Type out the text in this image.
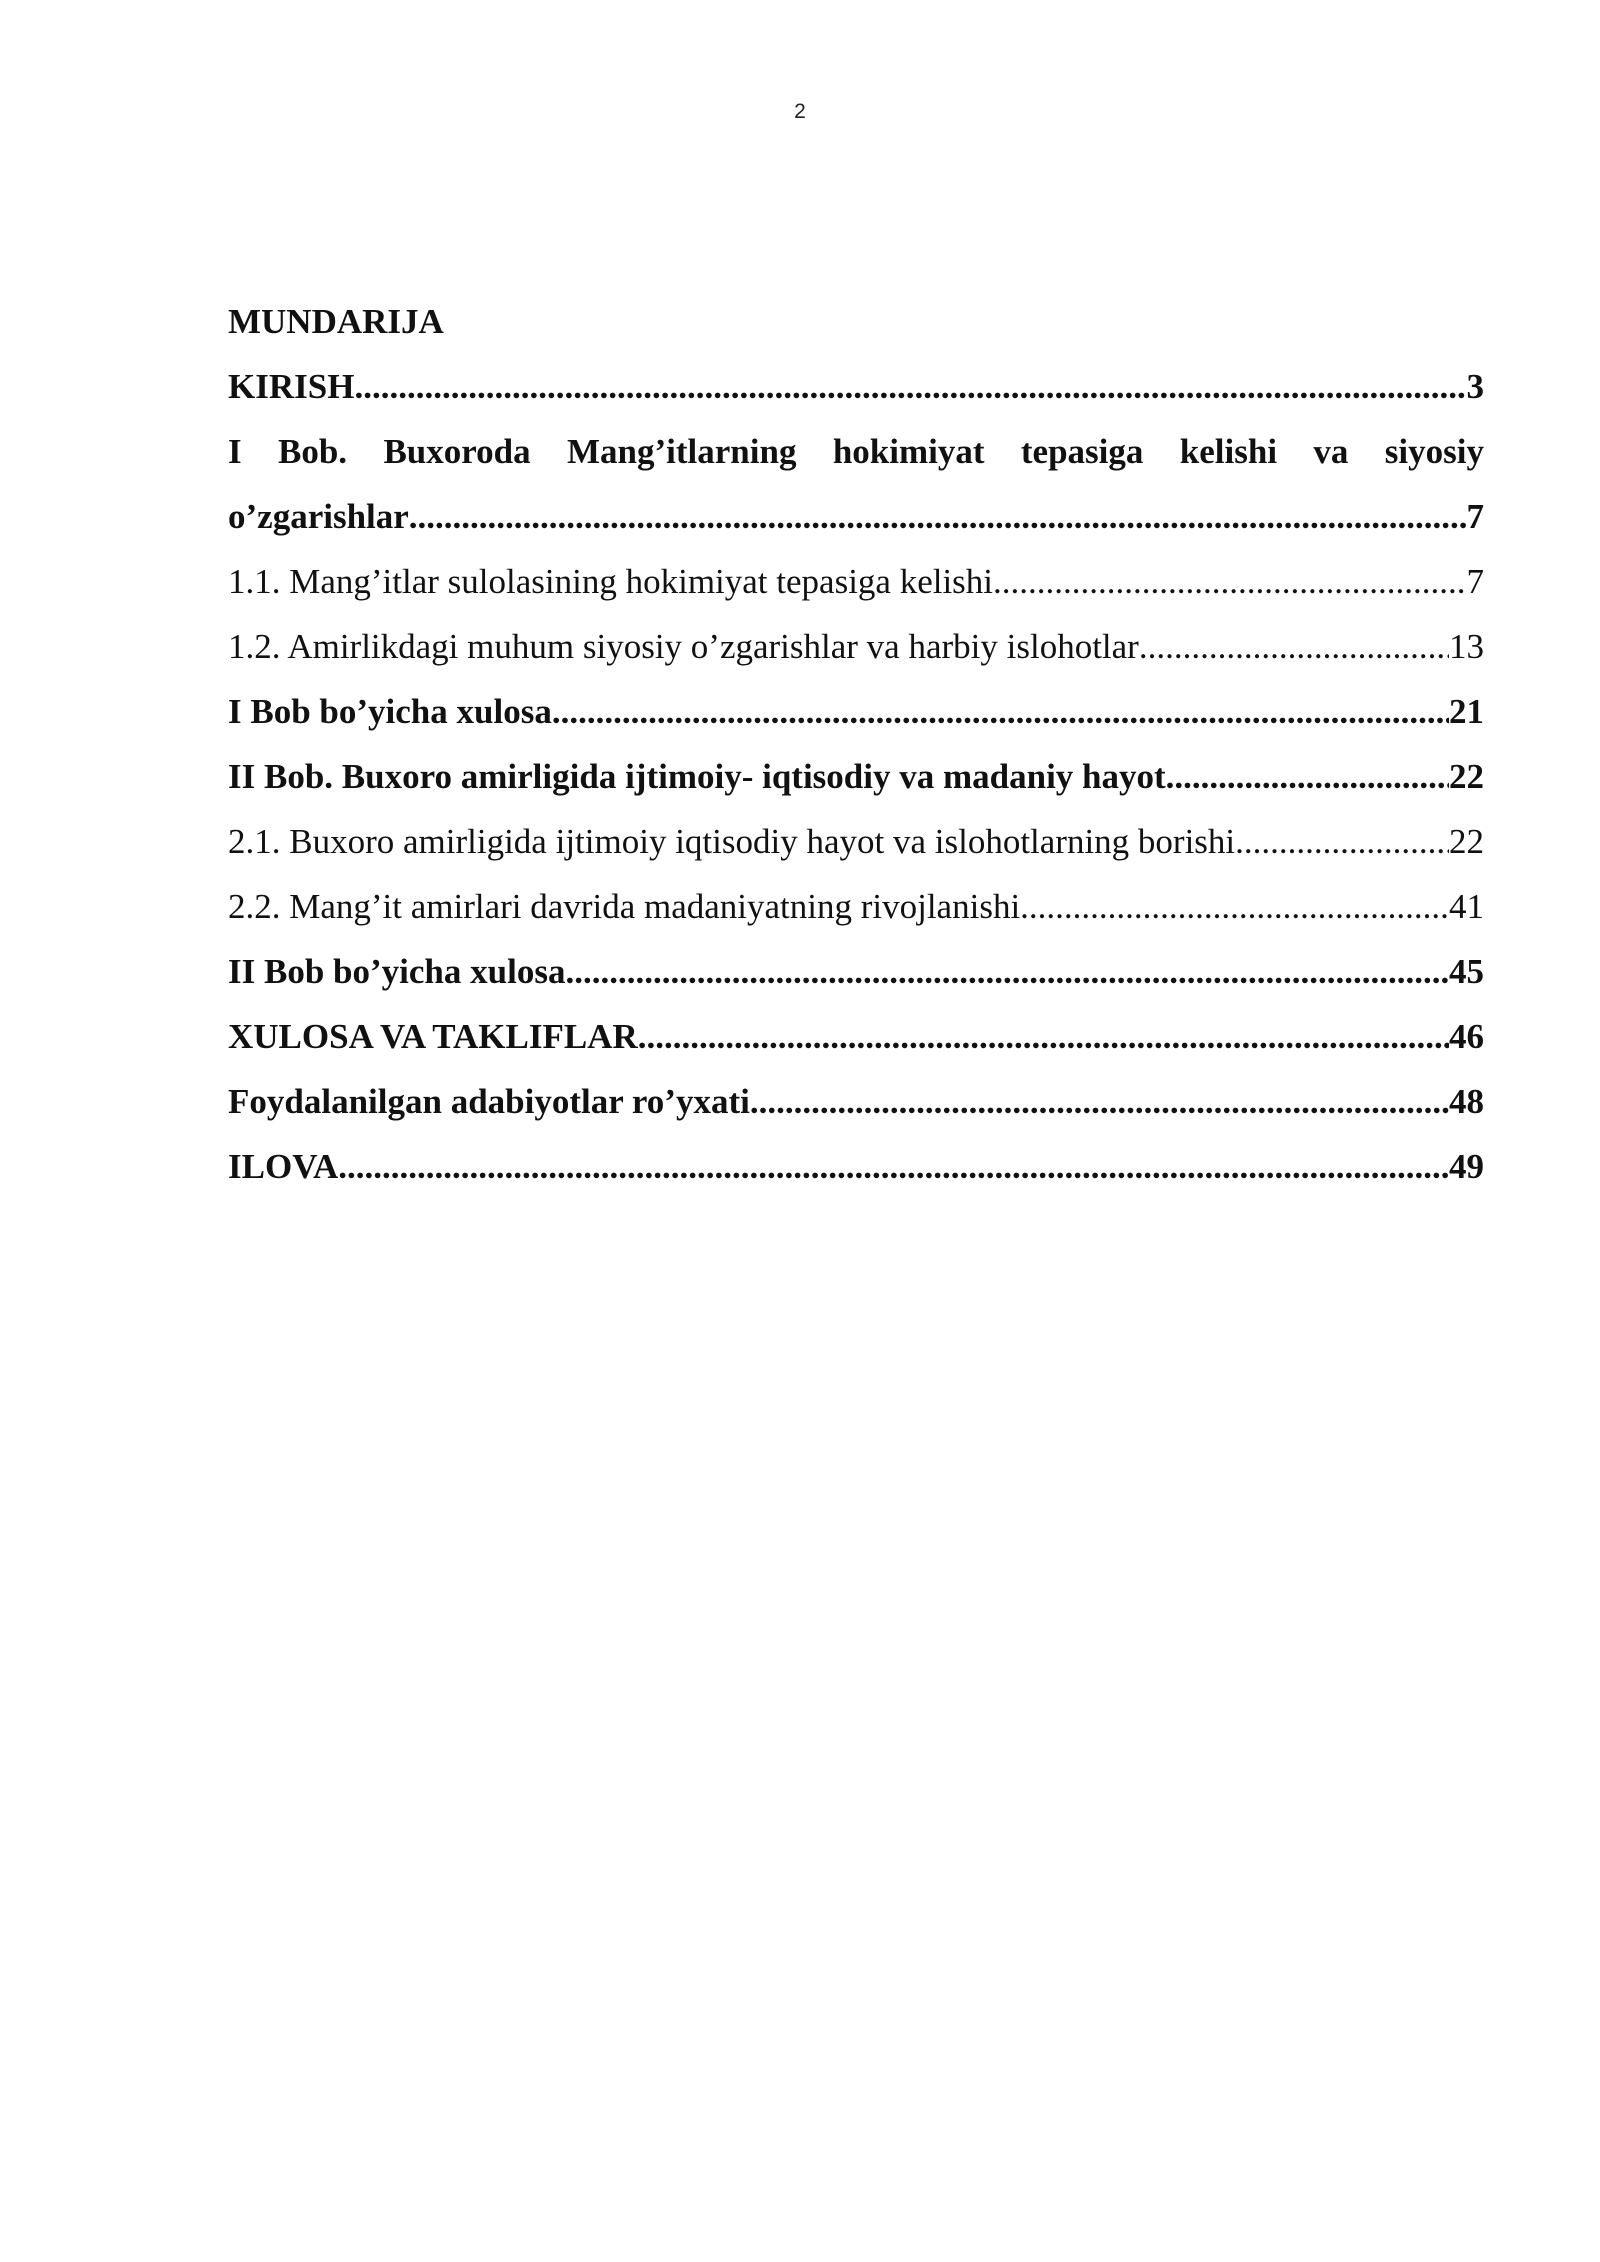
2
MUNDARIJA
KIRISH .....	3
I Bob. Buxoroda Mang’itlarning hokimiyat tepasiga kelishi va siyosiy
o’zgarishlar .....	7
1.1. Mang’itlar sulolasining hokimiyat tepasiga kelishi .....	7
1.2. Amirlikdagi muhum siyosiy o’zgarishlar va harbiy islohotlar .....	13
I Bob bo’yicha xulosa .....	21
II Bob. Buxoro amirligida ijtimoiy- iqtisodiy va madaniy hayot .....	22
2.1. Buxoro amirligida ijtimoiy iqtisodiy hayot va islohotlarning borishi .....	22
2.2. Mang’it amirlari davrida madaniyatning rivojlanishi .....	41
II Bob bo’yicha xulosa .....	45
XULOSA VA TAKLIFLAR .....	46
Foydalanilgan adabiyotlar ro’yxati .....	48
ILOVA .....	49
